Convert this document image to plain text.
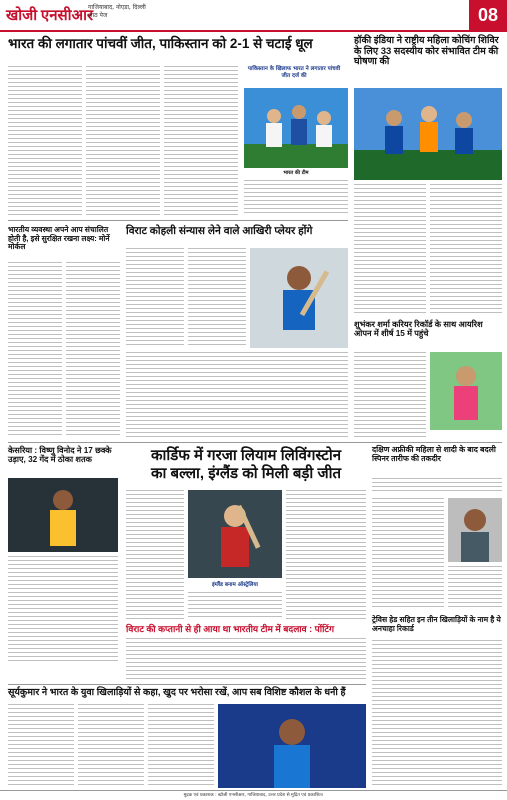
खोजी एनसीआर
गाजियाबाद, नोएडा, दिल्ली
आठ पेज	08
भारत की लगातार पांचवीं जीत, पाकिस्तान को 2-1 से चटाई धूल
पाकिस्तान के खिलाफ भारत ने लगातार पांचवी जीत दर्ज की
भारत की टीम
हॉकी इंडिया ने राष्ट्रीय महिला कोचिंग शिविर के लिए 33 सदस्यीय कोर संभावित टीम की घोषणा की
भारतीय व्यवस्था अपने आप संचालित होती है, इसे सुरक्षित रखना लक्ष्य: मोर्ने मोर्कल
विराट कोहली संन्यास लेने वाले आखिरी प्लेयर होंगे
शुभंकर शर्मा करियर रिकॉर्ड के साथ आयरिश ओपन में शीर्ष 15 में पहुंचे
केसरिया : विष्णु विनोद ने 17 छक्के उड़ाए, 32 गेंद में ठोका शतक	कार्डिफ में गरजा लियाम लिविंगस्टोन
का बल्ला, इंग्लैंड को मिली बड़ी जीत
इंग्लैंड बनाम ऑस्ट्रेलिया
दक्षिण अफ्रीकी महिला से शादी के बाद बदली स्पिनर तारीफ की तकदीर
विराट की कप्तानी से ही आया था भारतीय टीम में बदलाव : पोंटिंग
ट्रेविस हेड सहित इन तीन खिलाड़ियों के नाम है ये अनचाहा रिकार्ड
सूर्यकुमार ने भारत के युवा खिलाड़ियों से कहा, खुद पर भरोसा रखें, आप सब विशिष्ट कौशल के धनी हैं
मुद्रक एवं प्रकाशक : खोजी एनसीआर, गाजियाबाद, उत्तर प्रदेश से मुद्रित एवं प्रकाशित।
